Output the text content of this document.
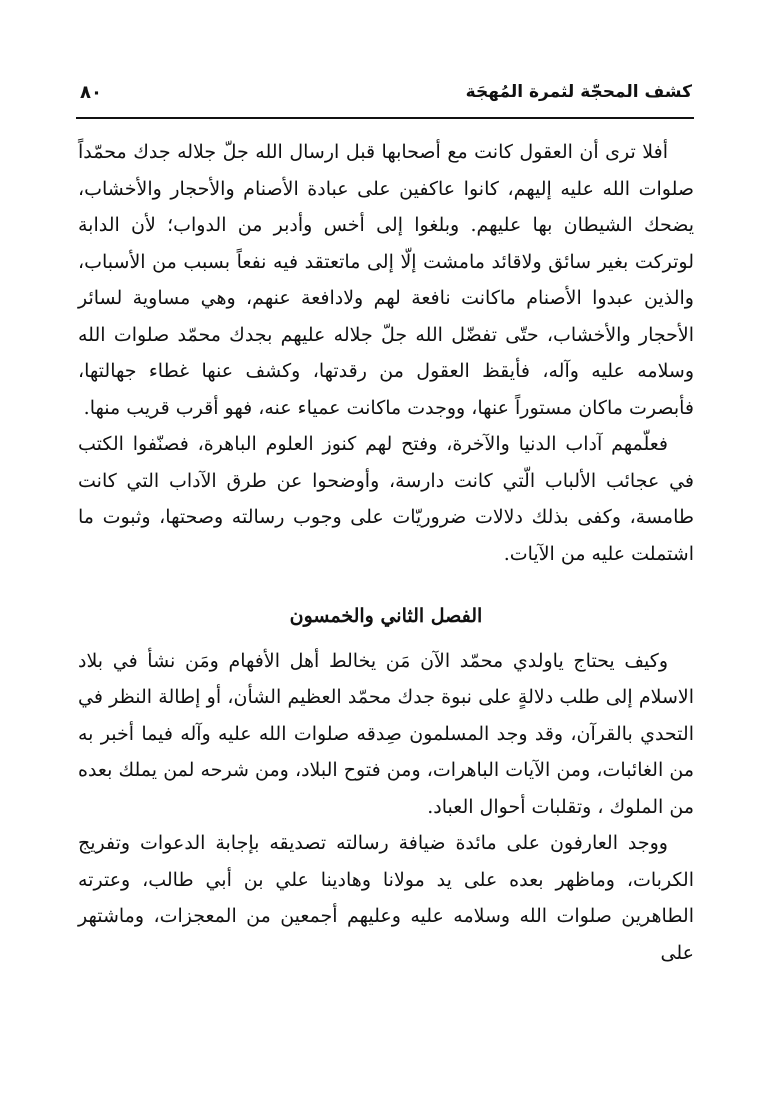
كشف المحجّة لثمرة المُهجَة
٨٠

أفلا ترى أن العقول كانت مع أصحابها قبل ارسال الله جلّ جلاله جدك محمّداً صلوات الله عليه إليهم، كانوا عاكفين على عبادة الأصنام والأحجار والأخشاب، يضحك الشيطان بها عليهم. وبلغوا إلى أخس وأدبر من الدواب؛ لأن الدابة لوتركت بغير سائق ولاقائد مامشت إلّا إلى ماتعتقد فيه نفعاً بسبب من الأسباب، والذين عبدوا الأصنام ماكانت نافعة لهم ولادافعة عنهم، وهي مساوية لسائر الأحجار والأخشاب، حتّى تفضّل الله جلّ جلاله عليهم بجدك محمّد صلوات الله وسلامه عليه وآله، فأيقظ العقول من رقدتها، وكشف عنها غطاء جهالتها، فأبصرت ماكان مستوراً عنها، ووجدت ماكانت عمياء عنه، فهو أقرب قريب منها.

فعلّمهم آداب الدنيا والآخرة، وفتح لهم كنوز العلوم الباهرة، فصنّفوا الكتب في عجائب الألباب الّتي كانت دارسة، وأوضحوا عن طرق الآداب التي كانت طامسة، وكفى بذلك دلالات ضروريّات على وجوب رسالته وصحتها، وثبوت ما اشتملت عليه من الآيات.

الفصل الثاني والخمسون

وكيف يحتاج ياولدي محمّد الآن مَن يخالط أهل الأفهام ومَن نشأ في بلاد الاسلام إلى طلب دلالةٍ على نبوة جدك محمّد العظيم الشأن، أو إطالة النظر في التحدي بالقرآن، وقد وجد المسلمون صِدقه صلوات الله عليه وآله فيما أخبر به من الغائبات، ومن الآيات الباهرات، ومن فتوح البلاد، ومن شرحه لمن يملك بعده من الملوك ، وتقلبات أحوال العباد.

ووجد العارفون على مائدة ضيافة رسالته تصديقه بإجابة الدعوات وتفريج الكربات، وماظهر بعده على يد مولانا وهادينا علي بن أبي طالب، وعترته الطاهرين صلوات الله وسلامه عليه وعليهم أجمعين من المعجزات، وماشتهر على
